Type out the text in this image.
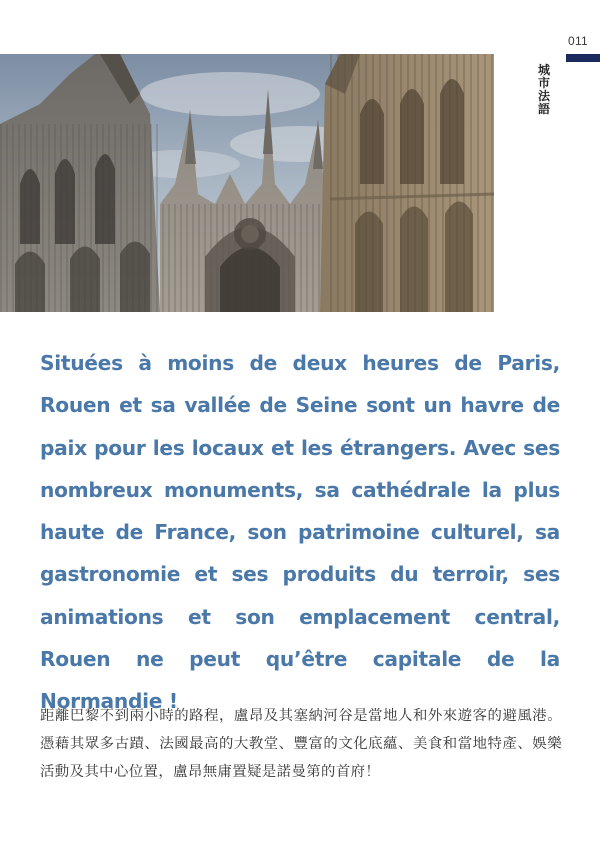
011
城市法語

Situées à moins de deux heures de Paris, Rouen et sa vallée de Seine sont un havre de paix pour les locaux et les étrangers. Avec ses nombreux monuments, sa cathédrale la plus haute de France, son patrimoine culturel, sa gastronomie et ses produits du terroir, ses animations et son emplacement central, Rouen ne peut qu’être capitale de la Normandie !

距離巴黎不到兩小時的路程，盧昂及其塞納河谷是當地人和外來遊客的避風港。憑藉其眾多古蹟、法國最高的大教堂、豐富的文化底蘊、美食和當地特產、娛樂活動及其中心位置，盧昂無庸置疑是諾曼第的首府！
